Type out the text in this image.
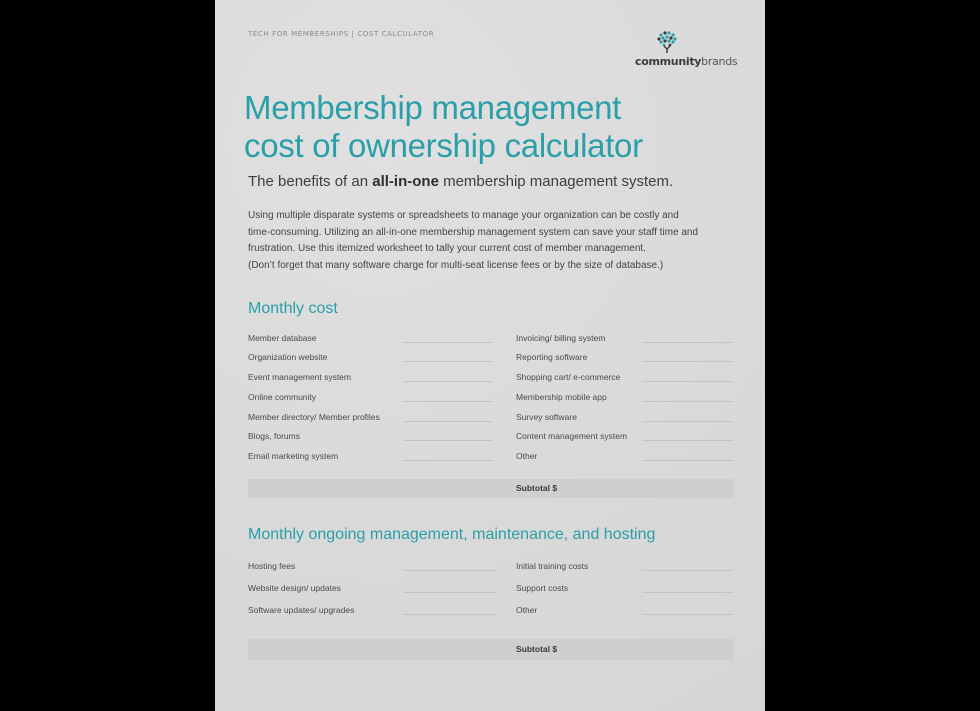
TECH FOR MEMBERSHIPS | COST CALCULATOR
communitybrands
Membership management
cost of ownership calculator
The benefits of an all-in-one membership management system.

Using multiple disparate systems or spreadsheets to manage your organization can be costly and

time-consuming. Utilizing an all-in-one membership management system can save your staff time and

frustration. Use this itemized worksheet to tally your current cost of member management.

(Don’t forget that many software charge for multi-seat license fees or by the size of database.)

Monthly cost
Member database
Organization website
Event management system
Online community
Member directory/ Member profiles
Blogs, forums
Email marketing system
Invoicing/ billing system
Reporting software
Shopping cart/ e-commerce
Membership mobile app
Survey software
Content management system
Other
Subtotal $
Monthly ongoing management, maintenance, and hosting
Hosting fees
Website design/ updates
Software updates/ upgrades
Initial training costs
Support costs
Other
Subtotal $
